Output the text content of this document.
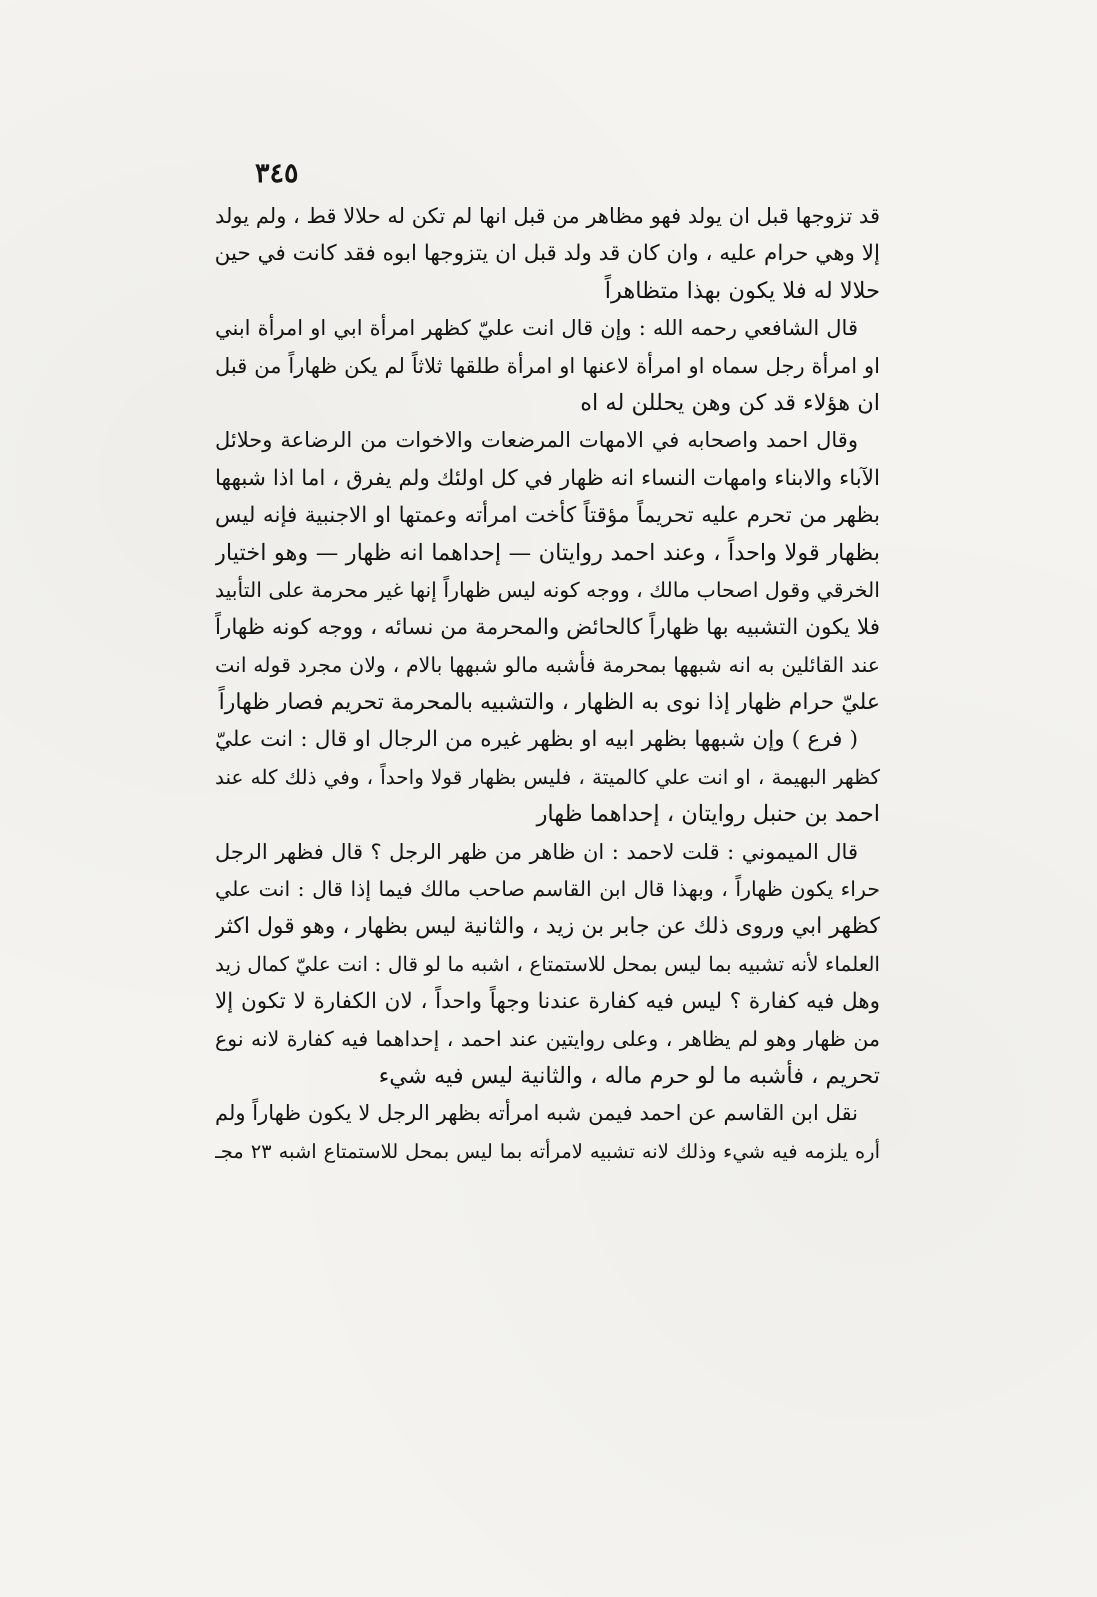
٣٤٥
قد تزوجها قبل ان يولد فهو مظاهر من قبل انها لم تكن له حلالا قط ، ولم يولد
إلا وهي حرام عليه ، وان كان قد ولد قبل ان يتزوجها ابوه فقد كانت في حين
حلالا له فلا يكون بهذا متظاهراً
قال الشافعي رحمه الله : وإن قال انت عليّ كظهر امرأة ابي او امرأة ابني
او امرأة رجل سماه او امرأة لاعنها او امرأة طلقها ثلاثاً لم يكن ظهاراً من قبل
ان هؤلاء قد كن وهن يحللن له اه
وقال احمد واصحابه في الامهات المرضعات والاخوات من الرضاعة وحلائل
الآباء والابناء وامهات النساء انه ظهار في كل اولئك ولم يفرق ، اما اذا شبهها
بظهر من تحرم عليه تحريماً مؤقتاً كأخت امرأته وعمتها او الاجنبية فإنه ليس
بظهار قولا واحداً ، وعند احمد روايتان — إحداهما انه ظهار — وهو اختيار
الخرقي وقول اصحاب مالك ، ووجه كونه ليس ظهاراً إنها غير محرمة على التأبيد
فلا يكون التشبيه بها ظهاراً كالحائض والمحرمة من نسائه ، ووجه كونه ظهاراً
عند القائلين به انه شبهها بمحرمة فأشبه مالو شبهها بالام ، ولان مجرد قوله انت
عليّ حرام ظهار إذا نوى به الظهار ، والتشبيه بالمحرمة تحريم فصار ظهاراً
( فرع ) وإن شبهها بظهر ابيه او بظهر غيره من الرجال او قال : انت عليّ
كظهر البهيمة ، او انت علي كالميتة ، فليس بظهار قولا واحداً ، وفي ذلك كله عند
احمد بن حنبل روايتان ، إحداهما ظهار
قال الميموني : قلت لاحمد : ان ظاهر من ظهر الرجل ؟ قال فظهر الرجل
حراء يكون ظهاراً ، وبهذا قال ابن القاسم صاحب مالك فيما إذا قال : انت علي
كظهر ابي وروى ذلك عن جابر بن زيد ، والثانية ليس بظهار ، وهو قول اكثر
العلماء لأنه تشبيه بما ليس بمحل للاستمتاع ، اشبه ما لو قال : انت عليّ كمال زيد
وهل فيه كفارة ؟ ليس فيه كفارة عندنا وجهاً واحداً ، لان الكفارة لا تكون إلا
من ظهار وهو لم يظاهر ، وعلى روايتين عند احمد ، إحداهما فيه كفارة لانه نوع
تحريم ، فأشبه ما لو حرم ماله ، والثانية ليس فيه شيء
نقل ابن القاسم عن احمد فيمن شبه امرأته بظهر الرجل لا يكون ظهاراً ولم
أره يلزمه فيه شيء وذلك لانه تشبيه لامرأته بما ليس بمحل للاستمتاع اشبه ٢٣ مجـ
